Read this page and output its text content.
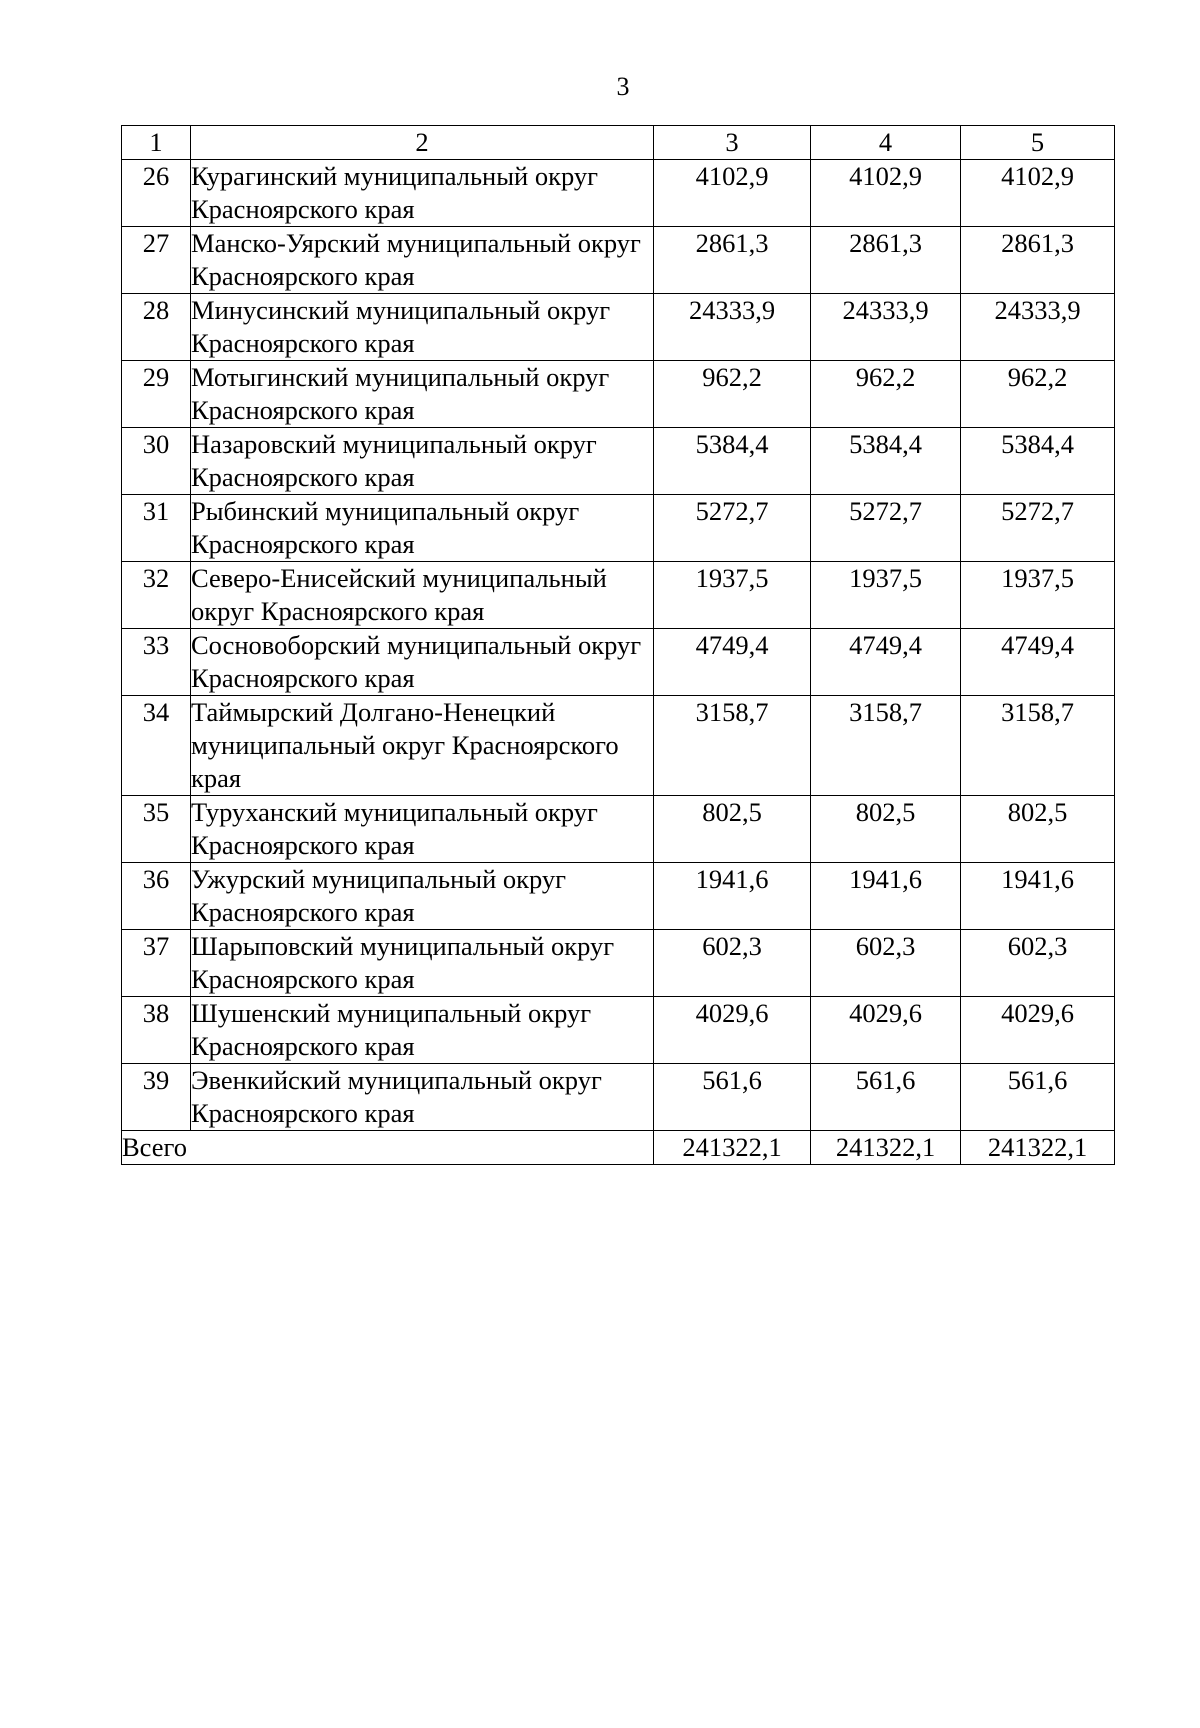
3
1	2	3	4	5
26	Курагинский муниципальный округ Красноярского края	4102,9	4102,9	4102,9
27	Манско-Уярский муниципальный округ Красноярского края	2861,3	2861,3	2861,3
28	Минусинский муниципальный округ Красноярского края	24333,9	24333,9	24333,9
29	Мотыгинский муниципальный округ Красноярского края	962,2	962,2	962,2
30	Назаровский муниципальный округ Красноярского края	5384,4	5384,4	5384,4
31	Рыбинский муниципальный округ Красноярского края	5272,7	5272,7	5272,7
32	Северо-Енисейский муниципальный округ Красноярского края	1937,5	1937,5	1937,5
33	Сосновоборский муниципальный округ Красноярского края	4749,4	4749,4	4749,4
34	Таймырский Долгано-Ненецкий муниципальный округ Красноярского края	3158,7	3158,7	3158,7
35	Туруханский муниципальный округ Красноярского края	802,5	802,5	802,5
36	Ужурский муниципальный округ Красноярского края	1941,6	1941,6	1941,6
37	Шарыповский муниципальный округ Красноярского края	602,3	602,3	602,3
38	Шушенский муниципальный округ Красноярского края	4029,6	4029,6	4029,6
39	Эвенкийский муниципальный округ Красноярского края	561,6	561,6	561,6
Всего		241322,1	241322,1	241322,1
